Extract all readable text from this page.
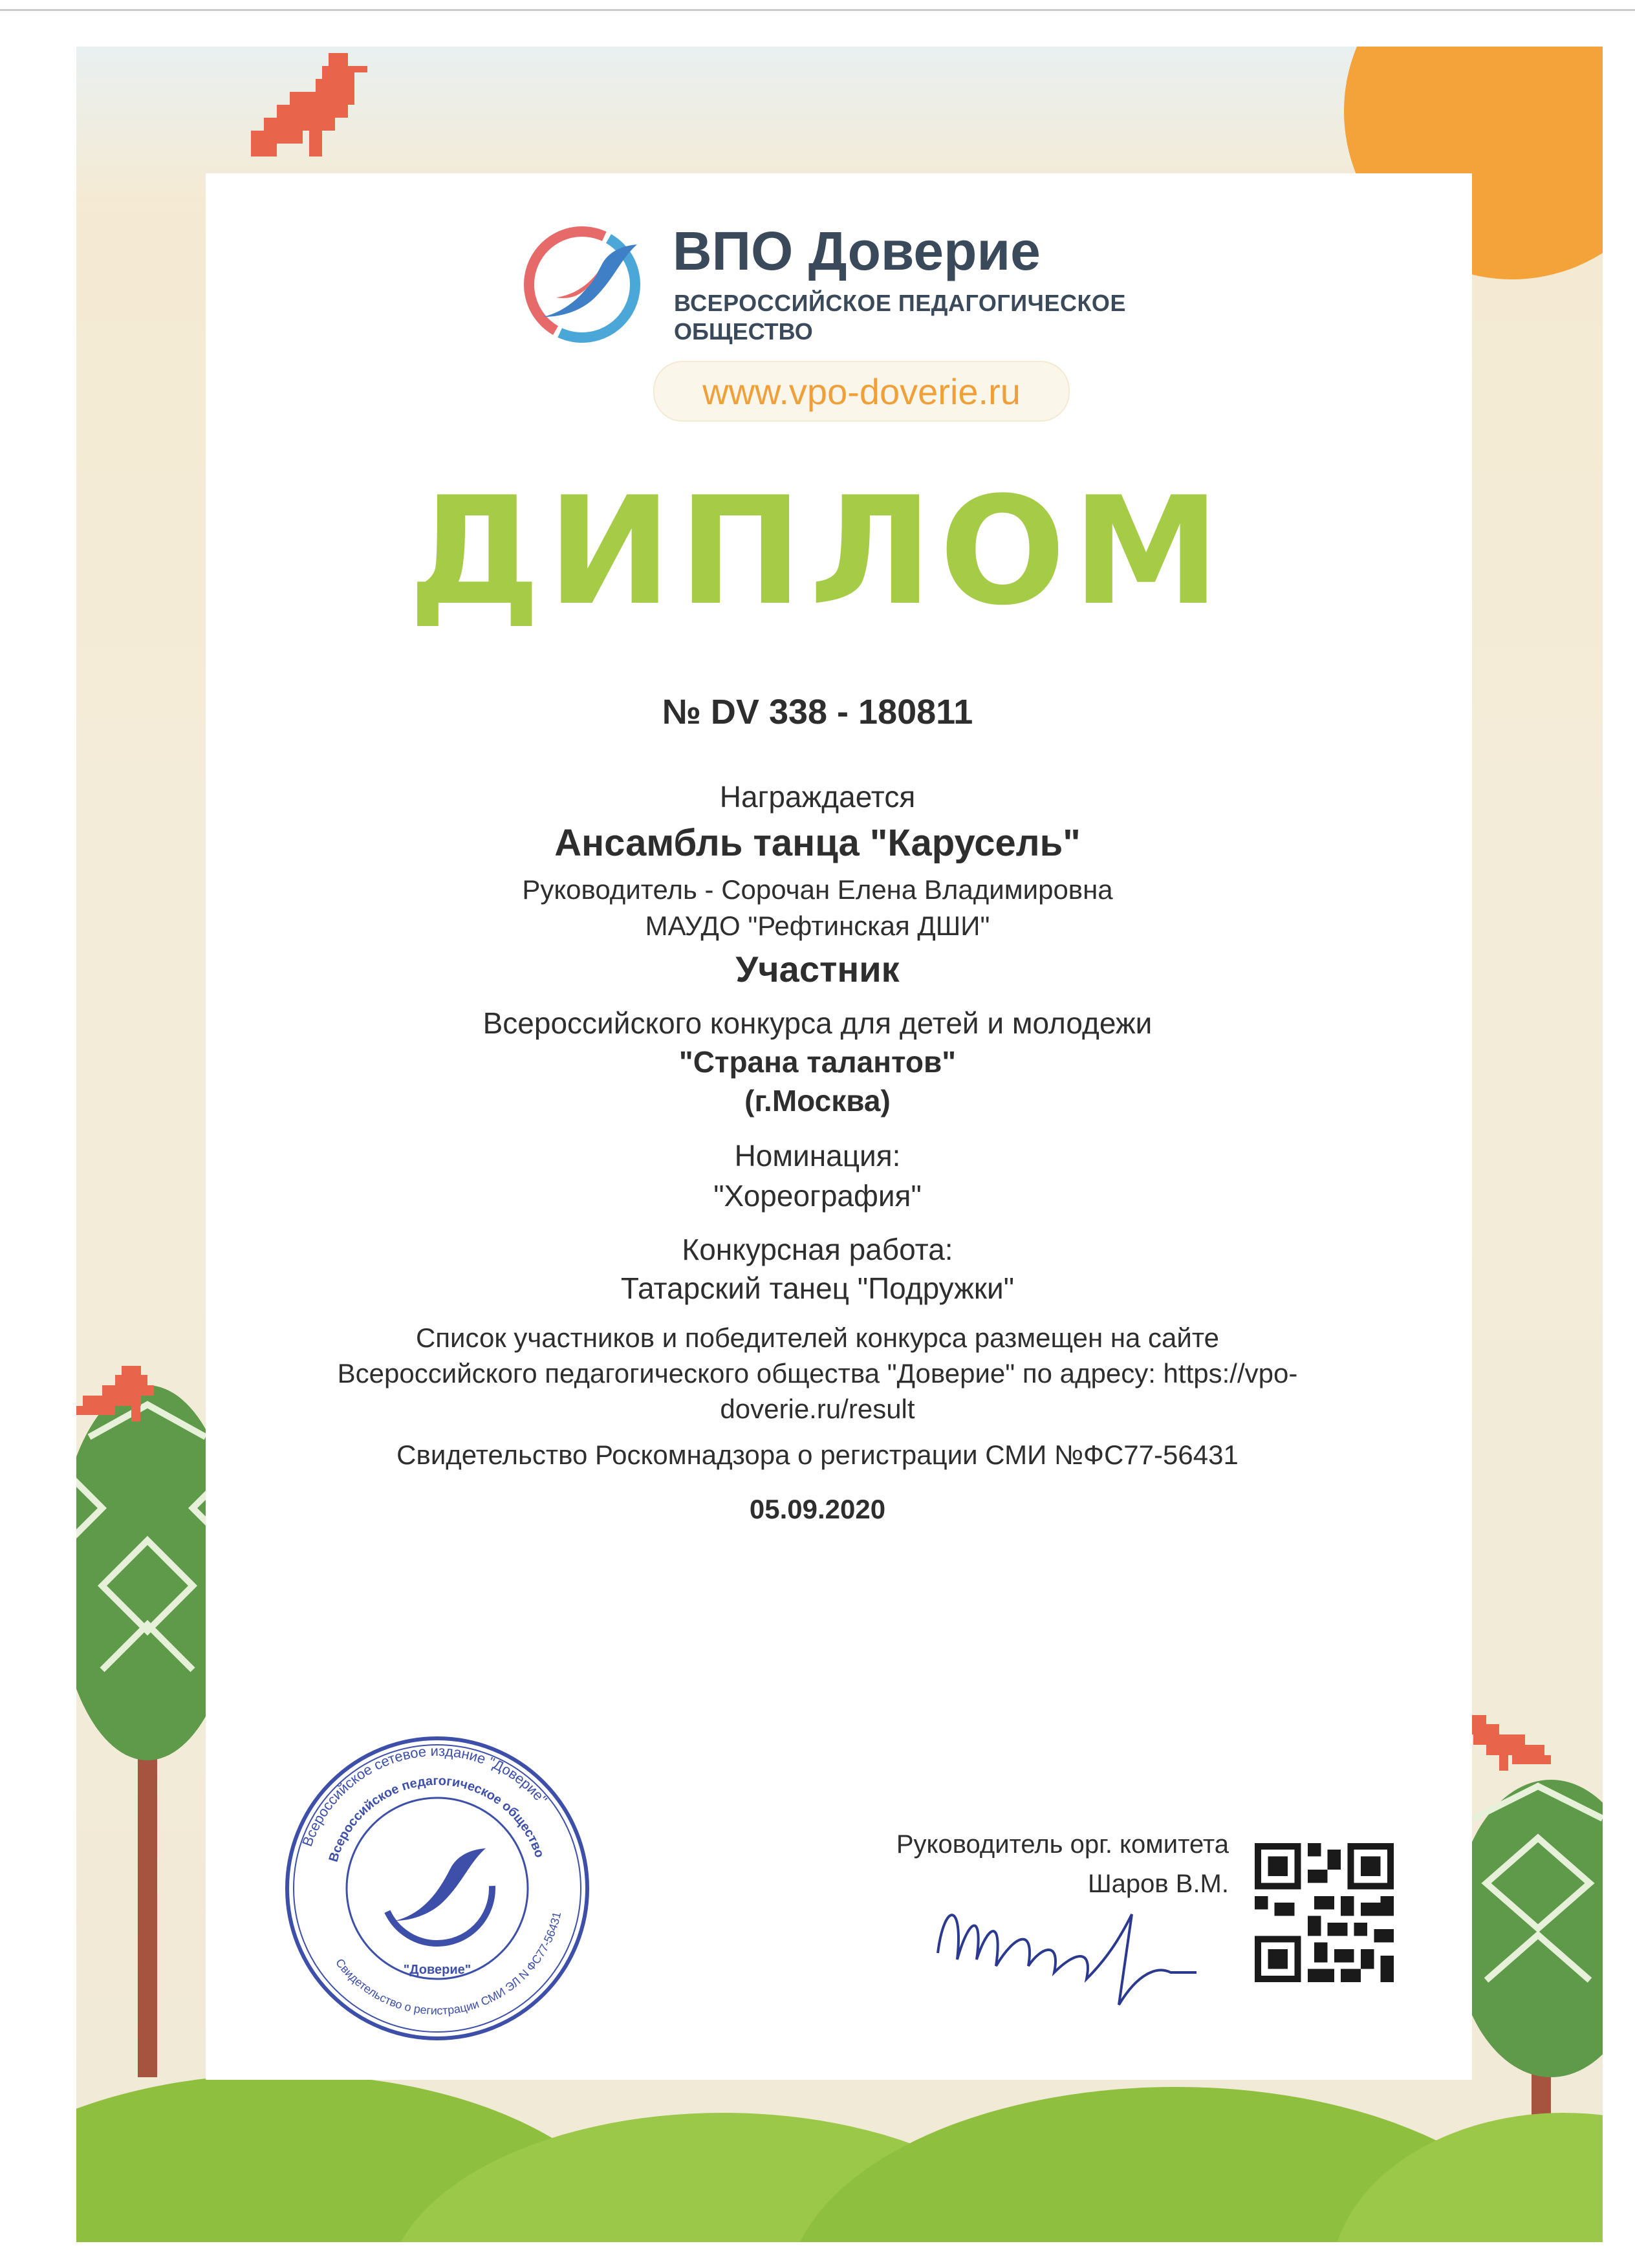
ВПО Доверие
ВСЕРОССИЙСКОЕ ПЕДАГОГИЧЕСКОЕ
ОБЩЕСТВО
www.vpo-doverie.ru
ДИПЛОМ
№ DV 338 - 180811
Награждается
Ансамбль танца "Карусель"
Руководитель - Сорочан Елена Владимировна
МАУДО "Рефтинская ДШИ"
Участник
Всероссийского конкурса для детей и молодежи
"Страна талантов"
(г.Москва)
Номинация:
"Хореография"
Конкурсная работа:
Татарский танец "Подружки"
Список участников и победителей конкурса размещен на сайте
Всероссийского педагогического общества "Доверие" по адресу: https://vpo-
doverie.ru/result
Свидетельство Роскомнадзора о регистрации СМИ №ФС77-56431
05.09.2020
Всероссийское сетевое издание "Доверие"
Всероссийское педагогическое общество
Свидетельство о регистрации СМИ ЭЛ N ФС77-56431
"Доверие"
Руководитель орг. комитета
Шаров В.М.
